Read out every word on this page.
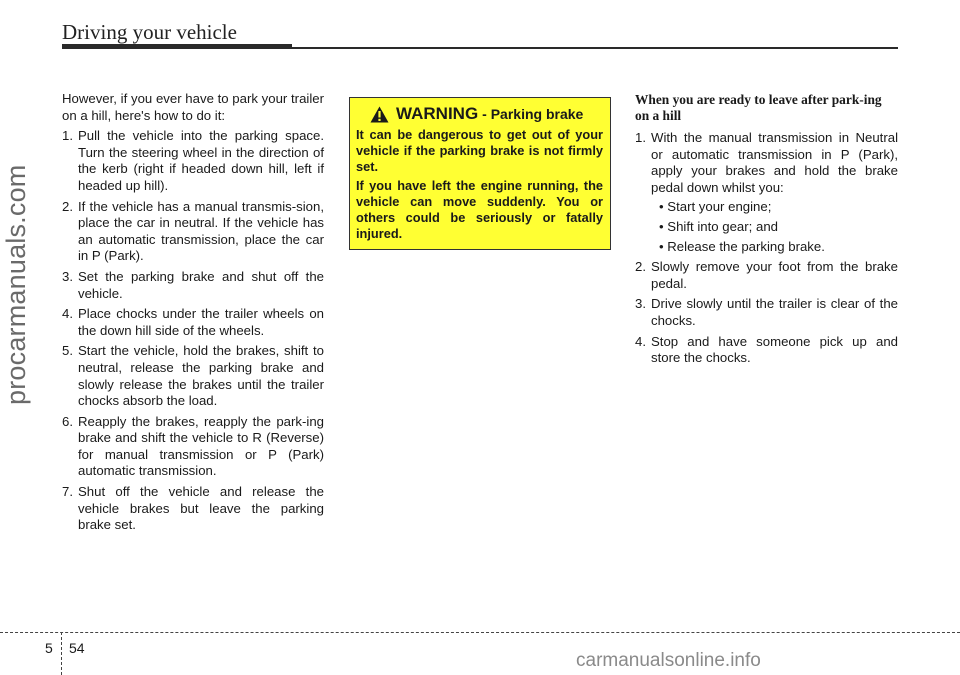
Driving your vehicle
procarmanuals.com

However, if you ever have to park your trailer on a hill, here's how to do it:

1. Pull the vehicle into the parking space. Turn the steering wheel in the direction of the kerb (right if headed down hill, left if headed up hill).
2. If the vehicle has a manual transmis-sion, place the car in neutral. If the vehicle has an automatic transmission, place the car in P (Park).
3. Set the parking brake and shut off the vehicle.
4. Place chocks under the trailer wheels on the down hill side of the wheels.
5. Start the vehicle, hold the brakes, shift to neutral, release the parking brake and slowly release the brakes until the trailer chocks absorb the load.
6. Reapply the brakes, reapply the park-ing brake and shift the vehicle to R (Reverse) for manual transmission or P (Park) automatic transmission.
7. Shut off the vehicle and release the vehicle brakes but leave the parking brake set.
WARNING - Parking brake

It can be dangerous to get out of your vehicle if the parking brake is not firmly set.

If you have left the engine running, the vehicle can move suddenly. You or others could be seriously or fatally injured.

When you are ready to leave after park-ing on a hill
1. With the manual transmission in Neutral or automatic transmission in P (Park), apply your brakes and hold the brake pedal down whilst you:
• Start your engine;
• Shift into gear; and
• Release the parking brake.
2. Slowly remove your foot from the brake pedal.
3. Drive slowly until the trailer is clear of the chocks.
4. Stop and have someone pick up and store the chocks.
5 54
carmanualsonline.info
